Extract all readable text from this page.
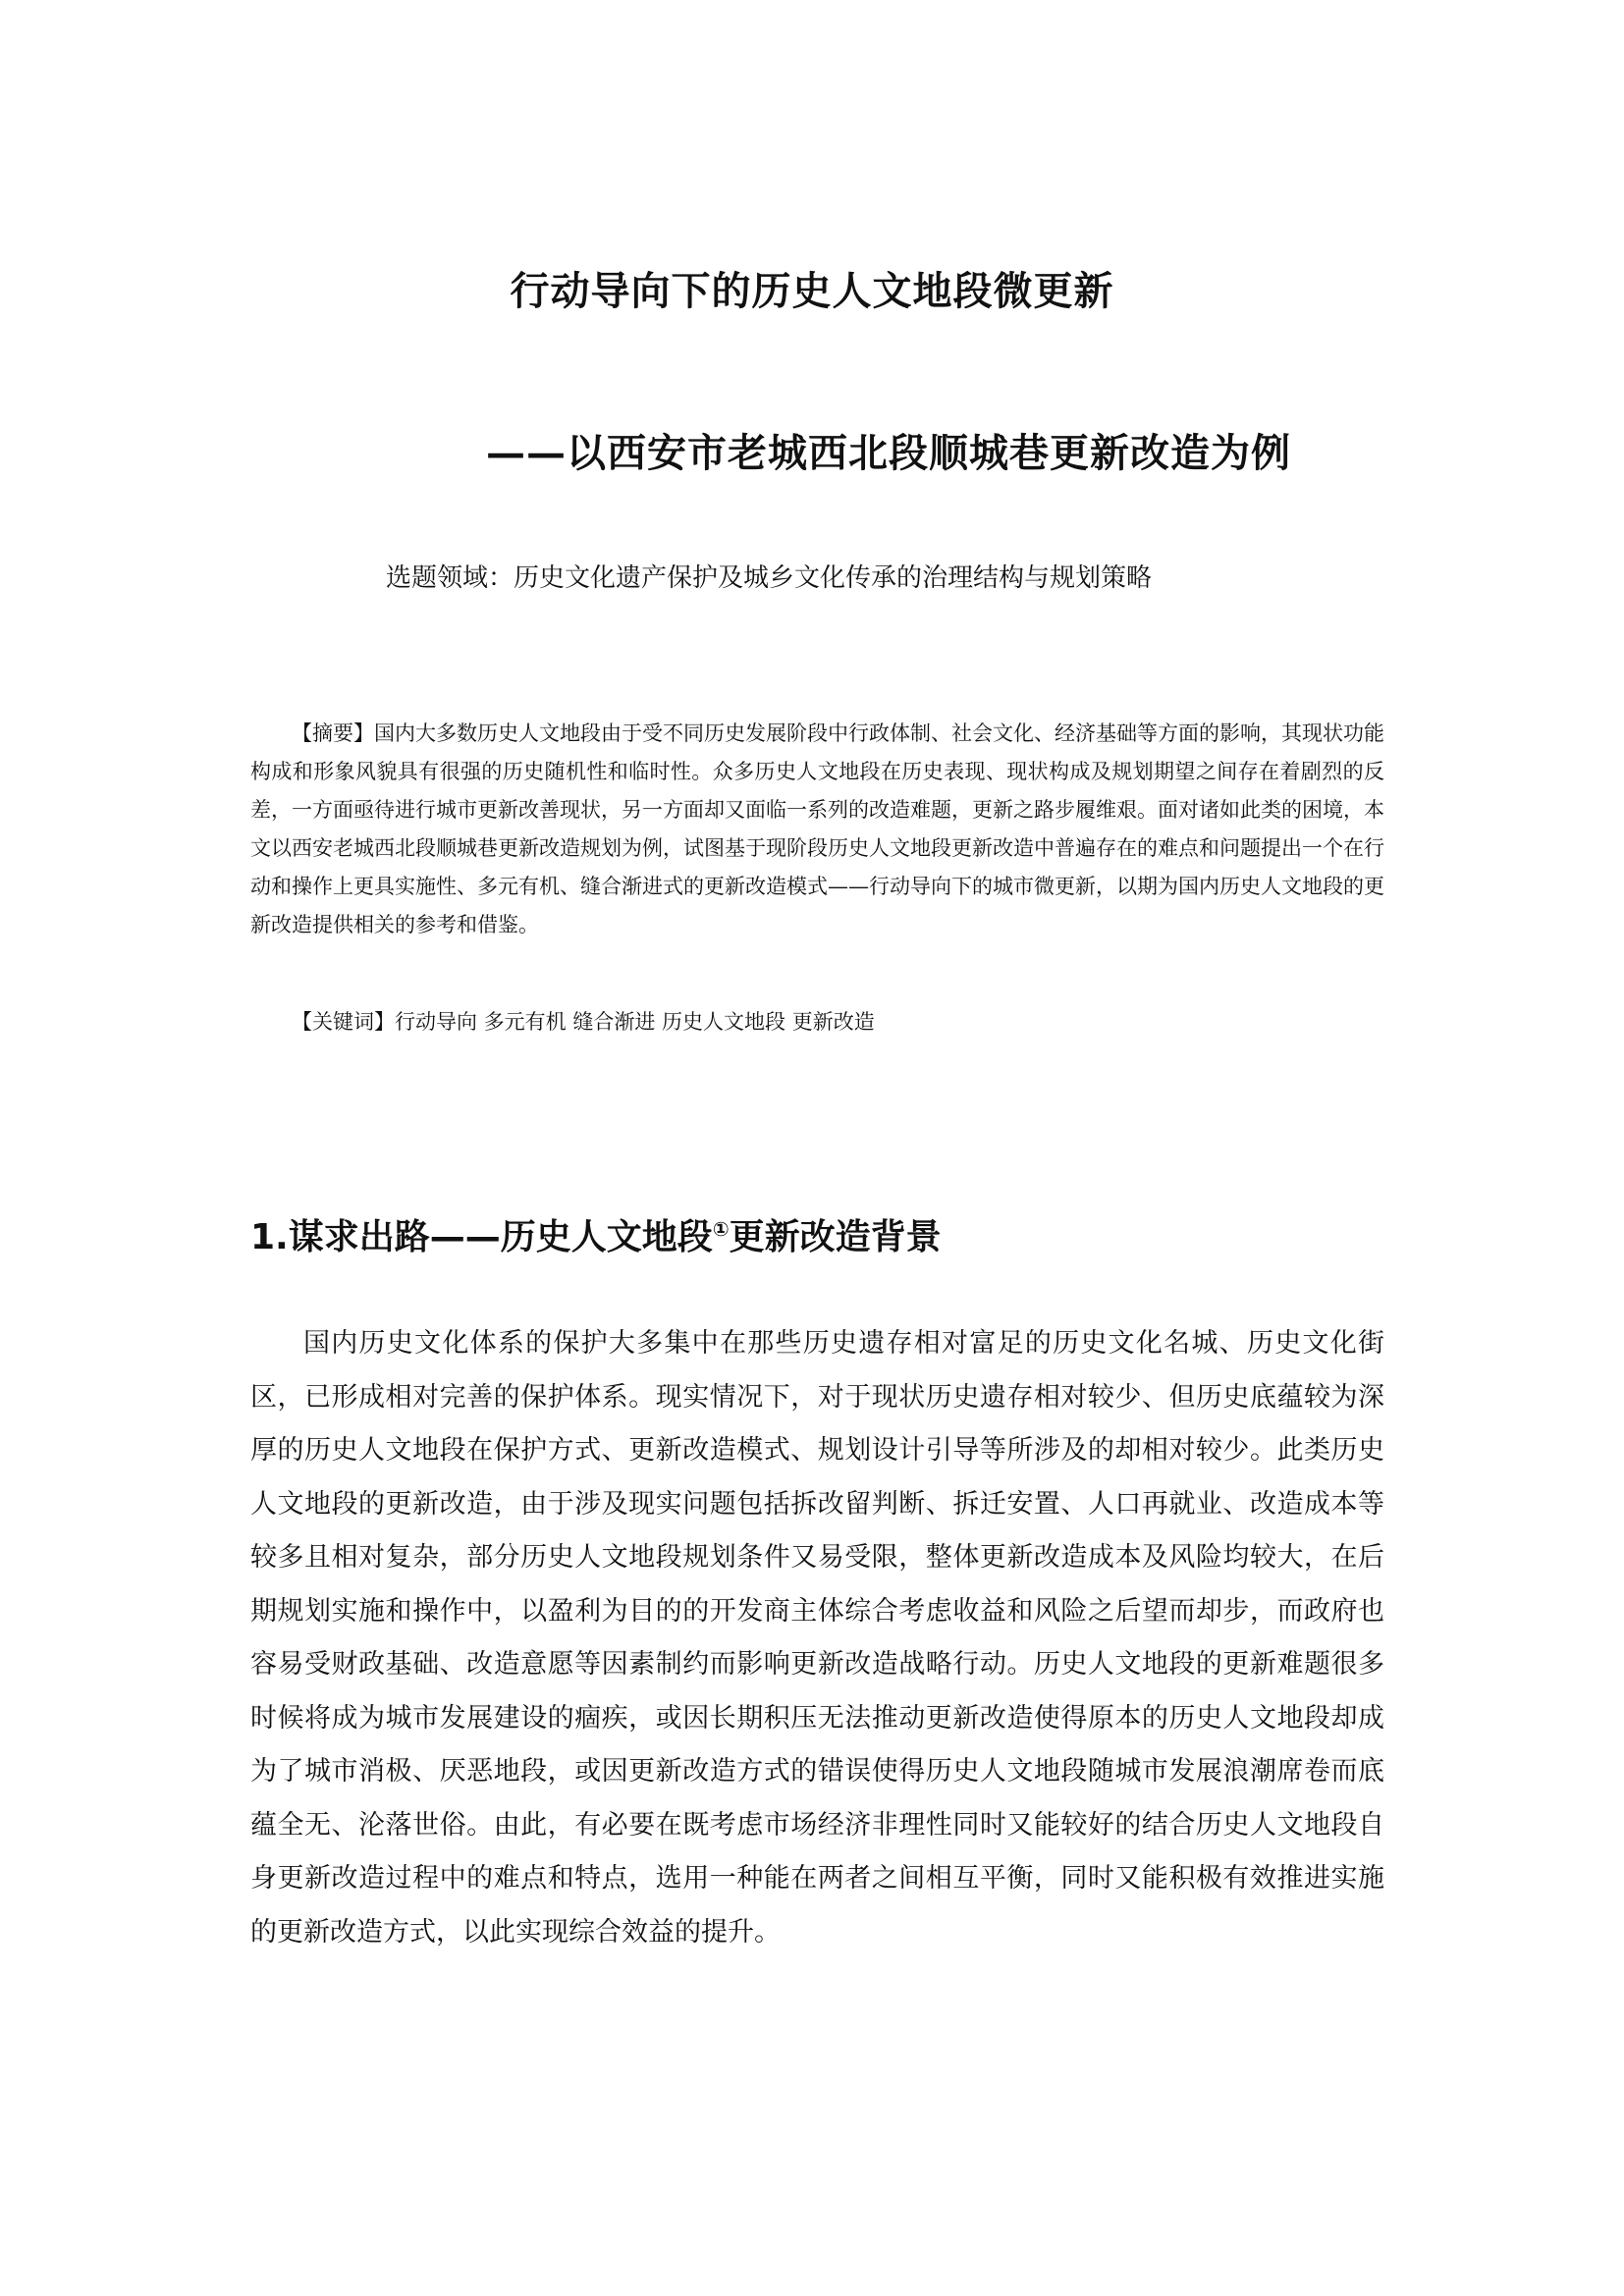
行动导向下的历史人文地段微更新
——以西安市老城西北段顺城巷更新改造为例

选题领域：历史文化遗产保护及城乡文化传承的治理结构与规划策略

【摘要】国内大多数历史人文地段由于受不同历史发展阶段中行政体制、社会文化、经济基础等方面的影响，其现状功能构成和形象风貌具有很强的历史随机性和临时性。众多历史人文地段在历史表现、现状构成及规划期望之间存在着剧烈的反差，一方面亟待进行城市更新改善现状，另一方面却又面临一系列的改造难题，更新之路步履维艰。面对诸如此类的困境，本文以西安老城西北段顺城巷更新改造规划为例，试图基于现阶段历史人文地段更新改造中普遍存在的难点和问题提出一个在行动和操作上更具实施性、多元有机、缝合渐进式的更新改造模式——行动导向下的城市微更新，以期为国内历史人文地段的更新改造提供相关的参考和借鉴。

【关键词】行动导向 多元有机 缝合渐进 历史人文地段 更新改造

1.谋求出路——历史人文地段①更新改造背景

国内历史文化体系的保护大多集中在那些历史遗存相对富足的历史文化名城、历史文化街区，已形成相对完善的保护体系。现实情况下，对于现状历史遗存相对较少、但历史底蕴较为深厚的历史人文地段在保护方式、更新改造模式、规划设计引导等所涉及的却相对较少。此类历史人文地段的更新改造，由于涉及现实问题包括拆改留判断、拆迁安置、人口再就业、改造成本等较多且相对复杂，部分历史人文地段规划条件又易受限，整体更新改造成本及风险均较大，在后期规划实施和操作中，以盈利为目的的开发商主体综合考虑收益和风险之后望而却步，而政府也容易受财政基础、改造意愿等因素制约而影响更新改造战略行动。历史人文地段的更新难题很多时候将成为城市发展建设的痼疾，或因长期积压无法推动更新改造使得原本的历史人文地段却成为了城市消极、厌恶地段，或因更新改造方式的错误使得历史人文地段随城市发展浪潮席卷而底蕴全无、沦落世俗。由此，有必要在既考虑市场经济非理性同时又能较好的结合历史人文地段自身更新改造过程中的难点和特点，选用一种能在两者之间相互平衡，同时又能积极有效推进实施的更新改造方式，以此实现综合效益的提升。
